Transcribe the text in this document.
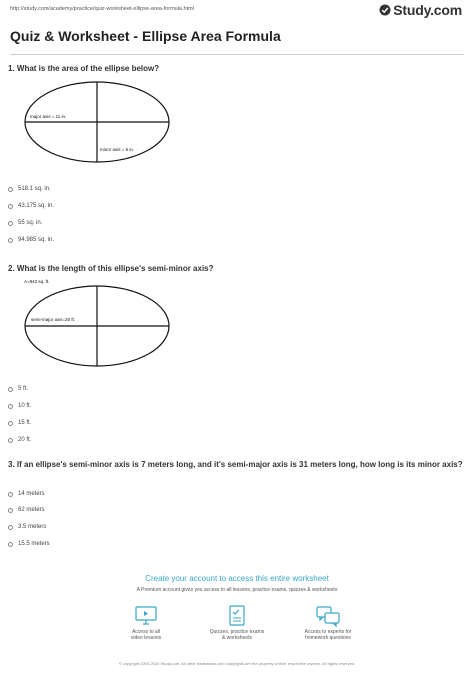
http://study.com/academy/practice/quiz-worksheet-ellipse-area-formula.html	Study.com
Quiz & Worksheet - Ellipse Area Formula
1. What is the area of the ellipse below?
major axis = 11 in.
minor axis = 5 in.
518.1 sq. in.
43.175 sq. in.
55 sq. in.
94.985 sq. in.
2. What is the length of this ellipse's semi-minor axis?
A=942 sq. ft.
semi-major axis=20 ft.
5 ft.
10 ft.
15 ft.
20 ft.
3. If an ellipse's semi-minor axis is 7 meters long, and it's semi-major axis is 31 meters long, how long is its minor axis?
14 meters
62 meters
3.5 meters
15.5 meters
Create your account to access this entire worksheet
A Premium account gives you access to all lessons, practice exams, quizzes & worksheets
Access to all
video lessons
Quizzes, practice exams
& worksheets
Access to experts for
homework questions
© copyright 2003-2020 Study.com. All other trademarks and copyrights are the property of their respective owners. All rights reserved.
